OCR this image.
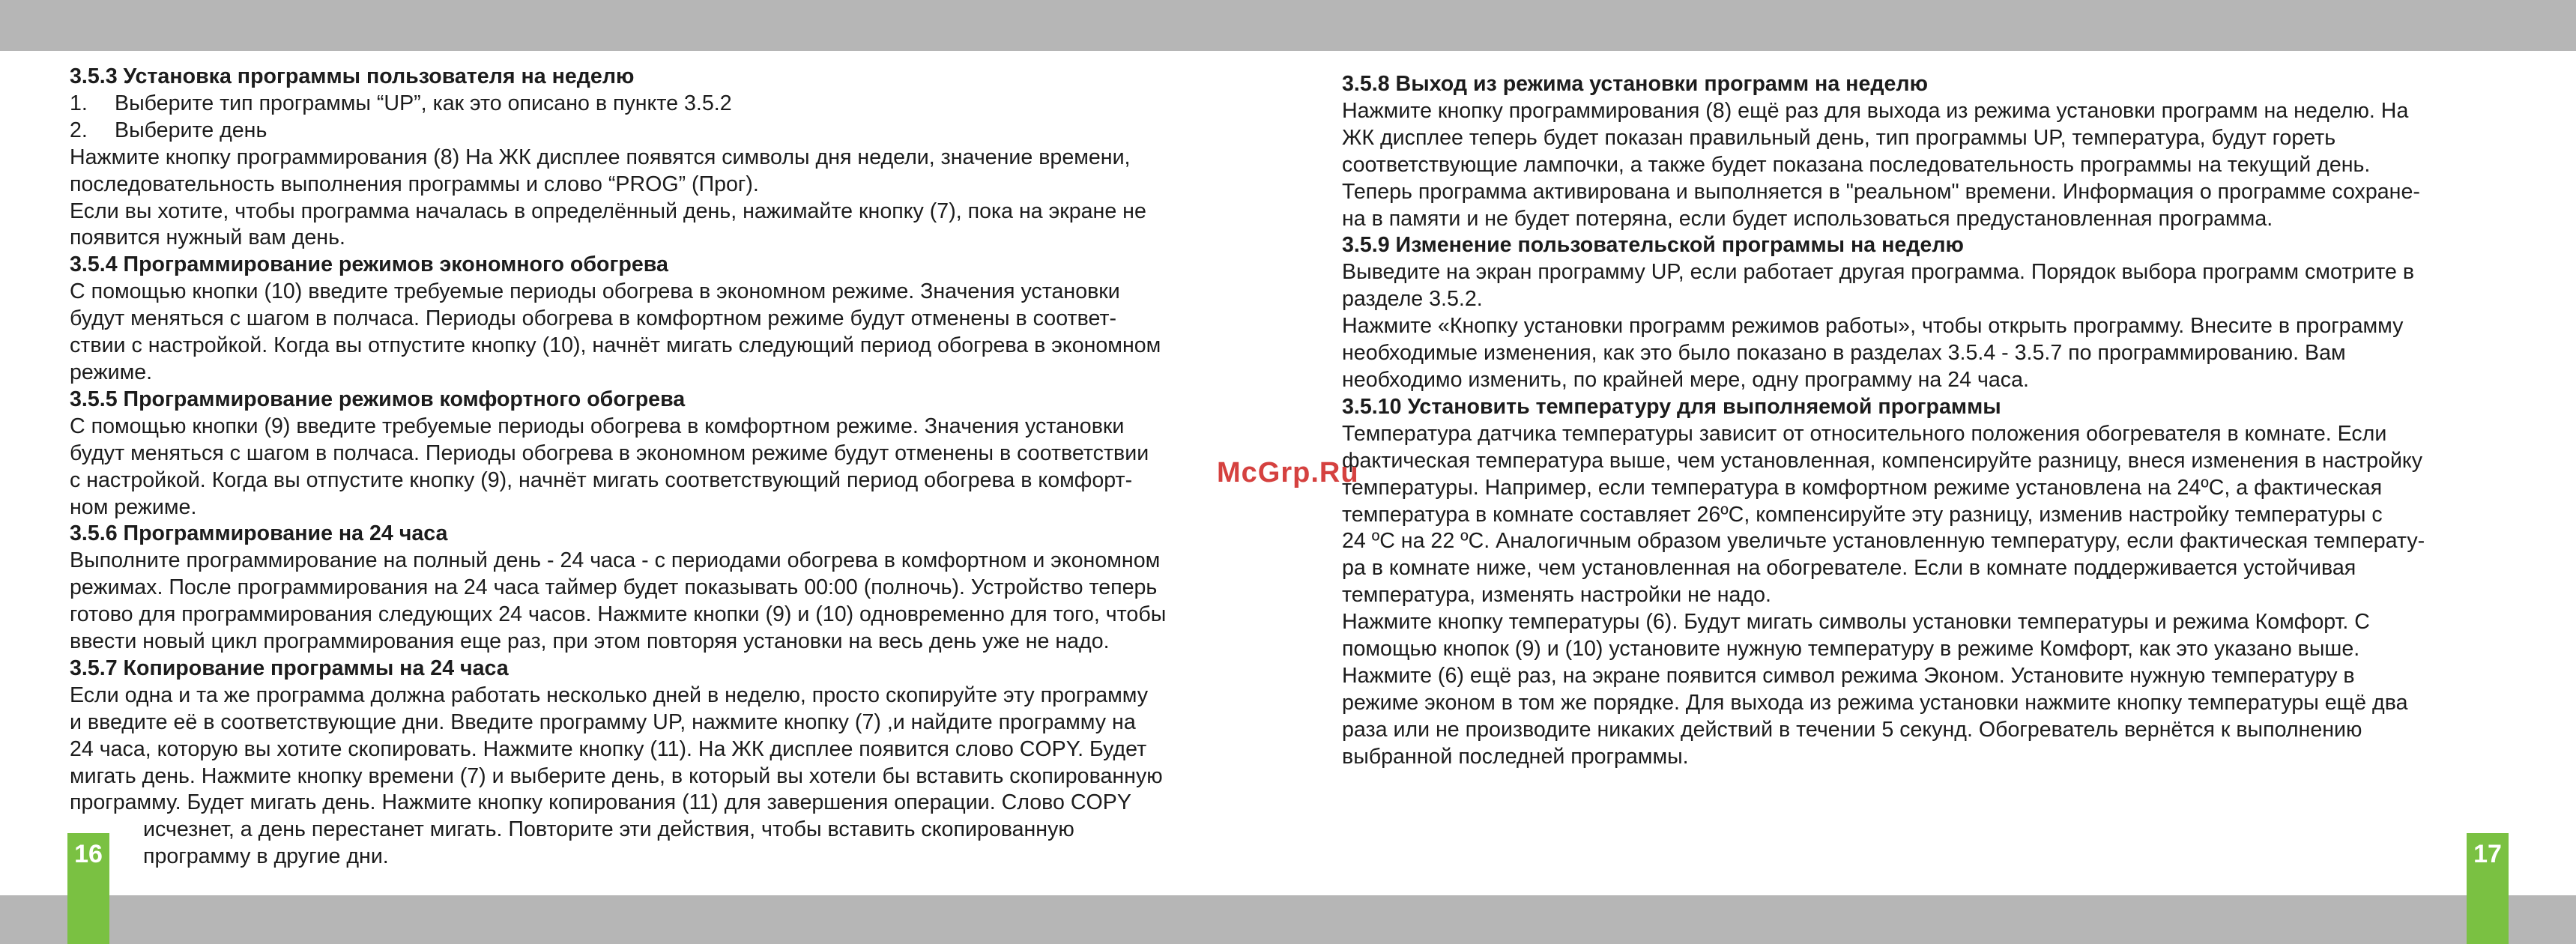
3.5.3 Установка программы пользователя на неделю

1. Выберите тип программы “UP”, как это описано в пункте 3.5.2

2. Выберите день

Нажмите кнопку программирования (8) На ЖК дисплее появятся символы дня недели, значение времени,

последовательность выполнения программы и слово “PROG” (Прог).

Если вы хотите, чтобы программа началась в определённый день, нажимайте кнопку (7), пока на экране не

появится нужный вам день.

3.5.4 Программирование режимов экономного обогрева

С помощью кнопки (10) введите требуемые периоды обогрева в экономном режиме. Значения установки

будут меняться с шагом в полчаса. Периоды обогрева в комфортном режиме будут отменены в соответ-

ствии с настройкой. Когда вы отпустите кнопку (10), начнёт мигать следующий период обогрева в экономном

режиме.

3.5.5 Программирование режимов комфортного обогрева

С помощью кнопки (9) введите требуемые периоды обогрева в комфортном режиме. Значения установки

будут меняться с шагом в полчаса. Периоды обогрева в экономном режиме будут отменены в соответствии

с настройкой. Когда вы отпустите кнопку (9), начнёт мигать соответствующий период обогрева в комфорт-

ном режиме.

3.5.6 Программирование на 24 часа

Выполните программирование на полный день - 24 часа - с периодами обогрева в комфортном и экономном

режимах. После программирования на 24 часа таймер будет показывать 00:00 (полночь). Устройство теперь

готово для программирования следующих 24 часов. Нажмите кнопки (9) и (10) одновременно для того, чтобы

ввести новый цикл программирования еще раз, при этом повторяя установки на весь день уже не надо.

3.5.7 Копирование программы на 24 часа

Если одна и та же программа должна работать несколько дней в неделю, просто скопируйте эту программу

и введите её в соответствующие дни. Введите программу UP, нажмите кнопку (7) ,и найдите программу на

24 часа, которую вы хотите скопировать. Нажмите кнопку (11). На ЖК дисплее появится слово COPY. Будет

мигать день. Нажмите кнопку времени (7) и выберите день, в который вы хотели бы вставить скопированную

программу. Будет мигать день. Нажмите кнопку копирования (11) для завершения операции. Слово COPY

исчезнет, а день перестанет мигать. Повторите эти действия, чтобы вставить скопированную

программу в другие дни.

3.5.8 Выход из режима установки программ на неделю

Нажмите кнопку программирования (8) ещё раз для выхода из режима установки программ на неделю. На

ЖК дисплее теперь будет показан правильный день, тип программы UP, температура, будут гореть

соответствующие лампочки, а также будет показана последовательность программы на текущий день.

Теперь программа активирована и выполняется в "реальном" времени. Информация о программе сохране-

на в памяти и не будет потеряна, если будет использоваться предустановленная программа.

3.5.9 Изменение пользовательской программы на неделю

Выведите на экран программу UP, если работает другая программа. Порядок выбора программ смотрите в

разделе 3.5.2.

Нажмите «Кнопку установки программ режимов работы», чтобы открыть программу. Внесите в программу

необходимые изменения, как это было показано в разделах 3.5.4 - 3.5.7 по программированию. Вам

необходимо изменить, по крайней мере, одну программу на 24 часа.

3.5.10 Установить температуру для выполняемой программы

Температура датчика температуры зависит от относительного положения обогревателя в комнате. Если

фактическая температура выше, чем установленная, компенсируйте разницу, внеся изменения в настройку

температуры. Например, если температура в комфортном режиме установлена на 24ºC, а фактическая

температура в комнате составляет 26ºC, компенсируйте эту разницу, изменив настройку температуры с

24 ºC на 22 ºC. Аналогичным образом увеличьте установленную температуру, если фактическая температу-

ра в комнате ниже, чем установленная на обогревателе. Если в комнате поддерживается устойчивая

температура, изменять настройки не надо.

Нажмите кнопку температуры (6). Будут мигать символы установки температуры и режима Комфорт. С

помощью кнопок (9) и (10) установите нужную температуру в режиме Комфорт, как это указано выше.

Нажмите (6) ещё раз, на экране появится символ режима Эконом. Установите нужную температуру в

режиме эконом в том же порядке. Для выхода из режима установки нажмите кнопку температуры ещё два

раза или не производите никаких действий в течении 5 секунд. Обогреватель вернётся к выполнению

выбранной последней программы.

McGrp.Ru
16	17
